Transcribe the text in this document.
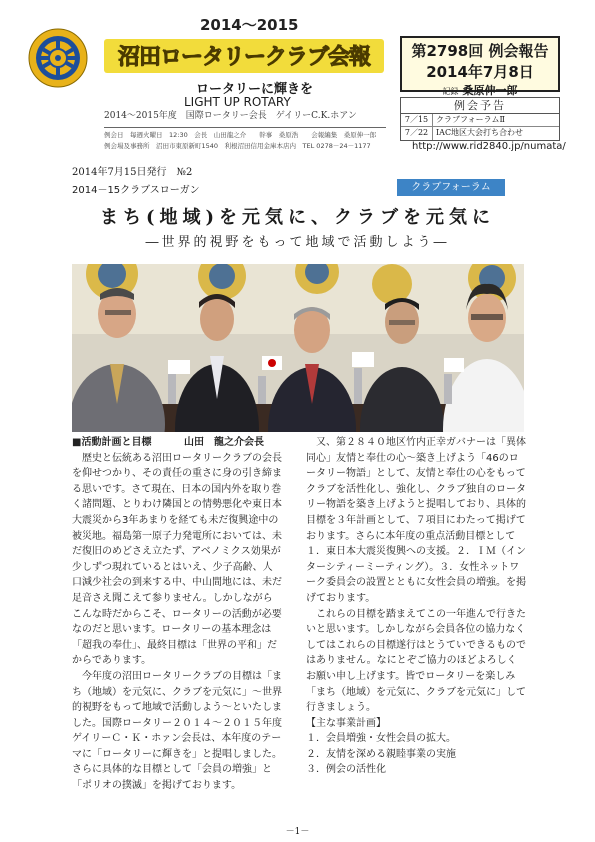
2014～2015
沼田ロータリークラブ会報
ロータリーに輝きを
LIGHT UP ROTARY
2014～2015年度　国際ロータリー会長　ゲイリーC.K.ホアン
例会日　毎週火曜日　12:30　会長　山田龍之介　　幹事　桑原浩　　会報編集　桑原伸一郎
例会場及事務所　沼田市東原新町1540　利根沼田信用金庫本店内　TEL 0278－24－1177
第2798回 例会報告
2014年7月8日
記録 桑原伸一郎
例会予告
7／15 クラブフォーラムⅡ
7／22 IAC地区大会打ち合わせ
http://www.rid2840.jp/numata/
2014年7月15日発行　№2
2014－15クラブスローガン	クラブフォーラム
まち(地域)を元気に、クラブを元気に
―世界的視野をもって地域で活動しよう―
■活動計画と目標	山田　龍之介会長

　歴史と伝統ある沼田ロータリークラブの会長を仰せつかり、その責任の重さに身の引き締まる思いです。さて現在、日本の国内外を取り巻く諸問題、とりわけ隣国との情勢悪化や東日本大震災から3年あまりを経ても未だ復興途中の被災地。福島第一原子力発電所においては、未だ復旧のめどさえ立たず、アベノミクス効果が少しずつ現れているとはいえ、少子高齢、人口減少社会の到来する中、中山間地には、未だ足音さえ聞こえて参りません。しかしながらこんな時だからこそ、ロータリーの活動が必要なのだと思います。ロータリーの基本理念は「超我の奉仕」、最終目標は「世界の平和」だからであります。
　今年度の沼田ロータリークラブの目標は「まち（地域）を元気に、クラブを元気に」～世界的視野をもって地域で活動しよう～といたしました。国際ロータリー２０１４～２０１５年度ゲイリーＣ・Ｋ・ホァン会長は、本年度のテーマに「ロータリーに輝きを」と提唱しました。さらに具体的な目標として「会員の増強」と「ポリオの撲滅」を掲げております。

　又、第２８４０地区竹内正幸ガバナーは「異体同心」友情と奉仕の心～築き上げよう「46のロータリー物語」として、友情と奉仕の心をもってクラブを活性化し、強化し、クラブ独自のロータリー物語を築き上げようと提唱しており、具体的目標を３年計画として、７項目にわたって掲げております。さらに本年度の重点活動目標として１．東日本大震災復興への支援。２．ＩＭ（インターシティーミーティング）。３．女性ネットワーク委員会の設置とともに女性会員の増強。を掲げております。
　これらの目標を踏まえてこの一年進んで行きたいと思います。しかしながら会員各位の協力なくしてはこれらの目標遂行はとうていできるものではありません。なにとぞご協力のほどよろしくお願い申し上げます。皆でロータリーを楽しみ「まち（地域）を元気に、クラブを元気に」して行きましょう。

【主な事業計画】
１．会員増強・女性会員の拡大。
２．友情を深める親睦事業の実施
３．例会の活性化
－1－
